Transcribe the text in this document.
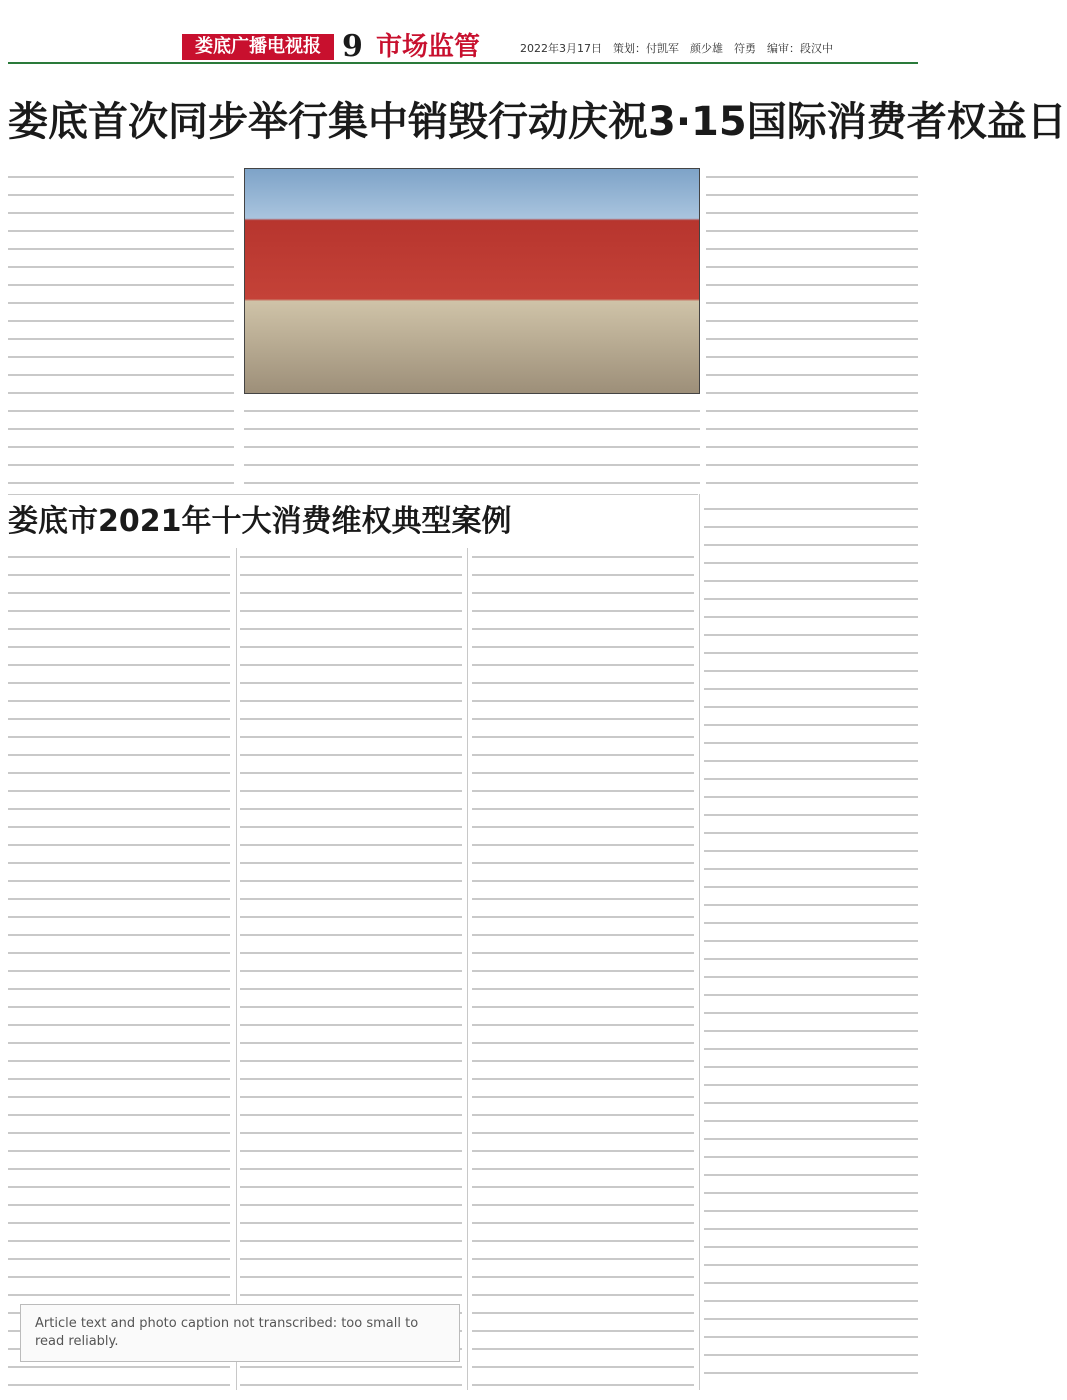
娄底广播电视报 9 市场监管	2022年3月17日　策划：付凯军　颜少雄　符勇　编审：段汉中
娄底首次同步举行集中销毁行动庆祝3·15国际消费者权益日
娄底市2021年十大消费维权典型案例
Article text and photo caption not transcribed: too small to read reliably.
